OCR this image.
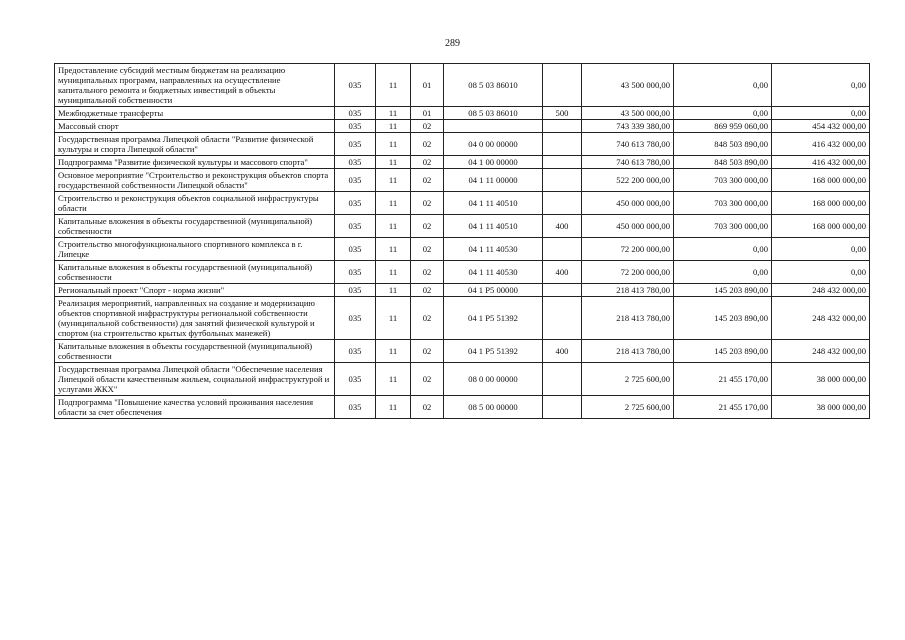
289
Предоставление субсидий местным бюджетам на реализацию муниципальных программ, направленных на осуществление капитального ремонта и бюджетных инвестиций в объекты муниципальной собственности	035	11	01	08 5 03 86010		43 500 000,00	0,00	0,00
Межбюджетные трансферты	035	11	01	08 5 03 86010	500	43 500 000,00	0,00	0,00
Массовый спорт	035	11	02			743 339 380,00	869 959 060,00	454 432 000,00
Государственная программа Липецкой области "Развитие физической культуры и спорта Липецкой области"	035	11	02	04 0 00 00000		740 613 780,00	848 503 890,00	416 432 000,00
Подпрограмма "Развитие физической культуры и массового спорта"	035	11	02	04 1 00 00000		740 613 780,00	848 503 890,00	416 432 000,00
Основное мероприятие "Строительство и реконструкция объектов спорта государственной собственности Липецкой области"	035	11	02	04 1 11 00000		522 200 000,00	703 300 000,00	168 000 000,00
Строительство и реконструкция объектов социальной инфраструктуры области	035	11	02	04 1 11 40510		450 000 000,00	703 300 000,00	168 000 000,00
Капитальные вложения в объекты государственной (муниципальной) собственности	035	11	02	04 1 11 40510	400	450 000 000,00	703 300 000,00	168 000 000,00
Строительство многофункционального спортивного комплекса в г. Липецке	035	11	02	04 1 11 40530		72 200 000,00	0,00	0,00
Капитальные вложения в объекты государственной (муниципальной) собственности	035	11	02	04 1 11 40530	400	72 200 000,00	0,00	0,00
Региональный проект "Спорт - норма жизни"	035	11	02	04 1 P5 00000		218 413 780,00	145 203 890,00	248 432 000,00
Реализация мероприятий, направленных на создание и модернизацию объектов спортивной инфраструктуры региональной собственности (муниципальной собственности) для занятий физической культурой и спортом (на строительство крытых футбольных манежей)	035	11	02	04 1 P5 51392		218 413 780,00	145 203 890,00	248 432 000,00
Капитальные вложения в объекты государственной (муниципальной) собственности	035	11	02	04 1 P5 51392	400	218 413 780,00	145 203 890,00	248 432 000,00
Государственная программа Липецкой области "Обеспечение населения Липецкой области качественным жильем, социальной инфраструктурой и услугами ЖКХ"	035	11	02	08 0 00 00000		2 725 600,00	21 455 170,00	38 000 000,00
Подпрограмма "Повышение качества условий проживания населения области за счет обеспечения	035	11	02	08 5 00 00000		2 725 600,00	21 455 170,00	38 000 000,00
